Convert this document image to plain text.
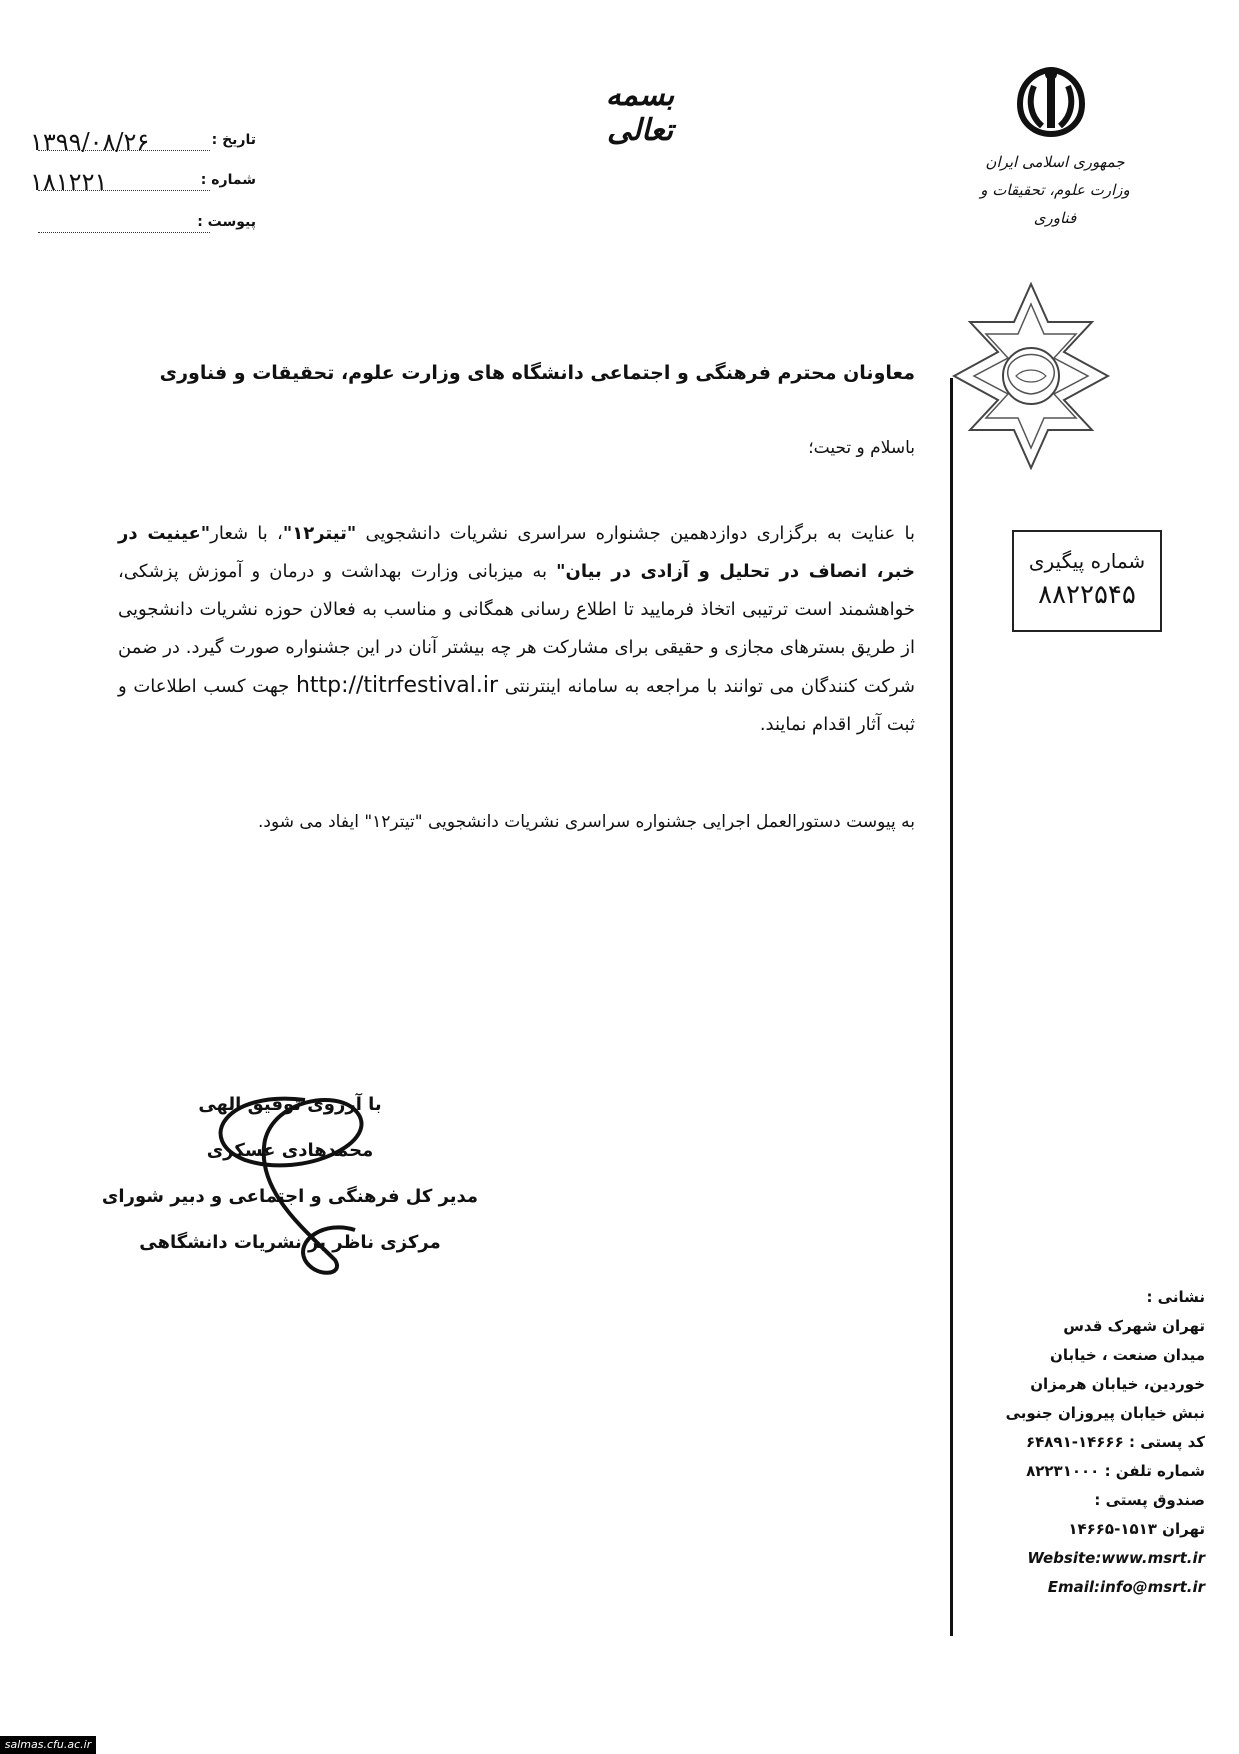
بسمه تعالی
جمهوری اسلامی ایران
وزارت علوم، تحقیقات و فناوری
تاریخ :
۱۳۹۹/۰۸/۲۶
شماره :
۱۸۱۲۲۱
پیوست :
معاونان محترم فرهنگی و اجتماعی دانشگاه های وزارت علوم، تحقیقات و فناوری
باسلام و تحیت؛

با عنایت به برگزاری دوازدهمین جشنواره سراسری نشریات دانشجویی "تیتر۱۲"، با شعار"عینیت در خبر، انصاف در تحلیل و آزادی در بیان" به میزبانی وزارت بهداشت و درمان و آموزش پزشکی، خواهشمند است ترتیبی اتخاذ فرمایید تا اطلاع رسانی همگانی و مناسب به فعالان حوزه نشریات دانشجویی از طریق بسترهای مجازی و حقیقی برای مشارکت هر چه بیشتر آنان در این جشنواره صورت گیرد. در ضمن شرکت کنندگان می توانند با مراجعه به سامانه اینترنتی http://titrfestival.ir جهت کسب اطلاعات و ثبت آثار اقدام نمایند.

به پیوست دستورالعمل اجرایی جشنواره سراسری نشریات دانشجویی "تیتر۱۲" ایفاد می شود.
شماره پیگیری
۸۸۲۲۵۴۵
با آرزوی توفیق الهی
محمدهادی عسکری
مدیر کل فرهنگی و اجتماعی و دبیر شورای
مرکزی ناظر بر نشریات دانشگاهی
نشانی :
تهران شهرک قدس
میدان صنعت ، خیابان
خوردین، خیابان هرمزان
نبش خیابان پیروزان جنوبی
کد پستی : ۱۴۶۶۶-۶۴۸۹۱
شماره تلفن : ۸۲۲۳۱۰۰۰
صندوق پستی :
تهران ۱۵۱۳-۱۴۶۶۵
Website:www.msrt.ir
Email:info@msrt.ir
salmas.cfu.ac.ir
